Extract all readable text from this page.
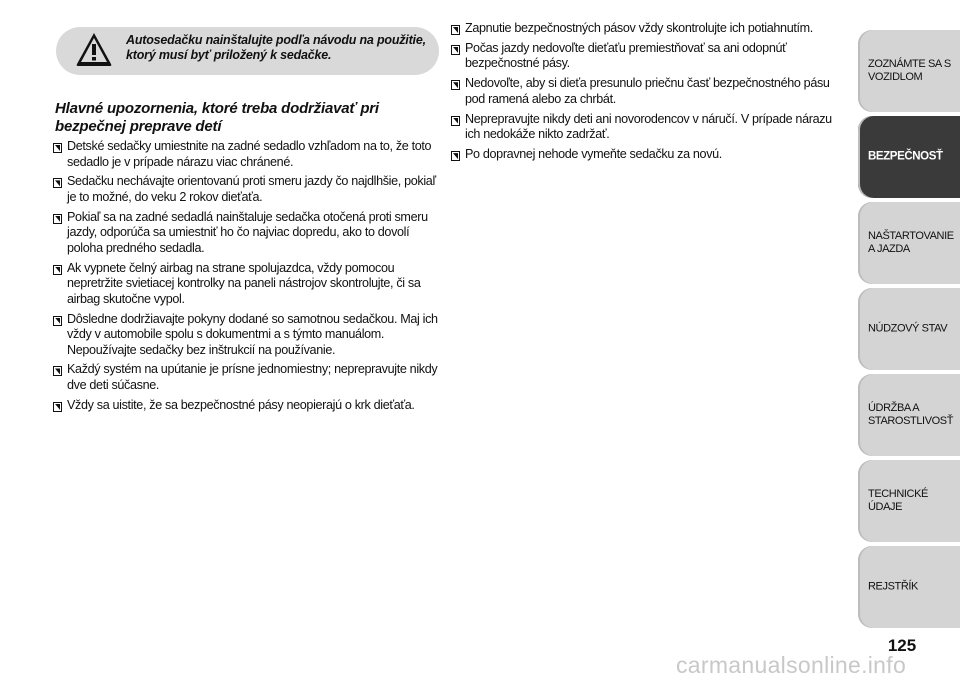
Autosedačku nainštalujte podľa návodu na použitie,
ktorý musí byť priložený k sedačke.
Hlavné upozornenia, ktoré treba dodržiavať pri
bezpečnej preprave detí
Detské sedačky umiestnite na zadné sedadlo vzhľadom na to, že toto sedadlo je v prípade nárazu viac chránené.
Sedačku nechávajte orientovanú proti smeru jazdy čo najdlhšie, pokiaľ je to možné, do veku 2 rokov dieťaťa.
Pokiaľ sa na zadné sedadlá nainštaluje sedačka otočená proti smeru jazdy, odporúča sa umiestniť ho čo najviac dopredu, ako to dovolí poloha predného sedadla.
Ak vypnete čelný airbag na strane spolujazdca, vždy pomocou nepretržite svietiacej kontrolky na paneli nástrojov skontrolujte, či sa airbag skutočne vypol.
Dôsledne dodržiavajte pokyny dodané so samotnou sedačkou. Maj ich vždy v automobile spolu s dokumentmi a s týmto manuálom. Nepoužívajte sedačky bez inštrukcií na používanie.
Každý systém na upútanie je prísne jednomiestny; neprepravujte nikdy dve deti súčasne.
Vždy sa uistite, že sa bezpečnostné pásy neopierajú o krk dieťaťa.
Zapnutie bezpečnostných pásov vždy skontrolujte ich potiahnutím.
Počas jazdy nedovoľte dieťaťu premiestňovať sa ani odopnúť bezpečnostné pásy.
Nedovoľte, aby si dieťa presunulo priečnu časť bezpečnostného pásu pod ramená alebo za chrbát.
Neprepravujte nikdy deti ani novorodencov v náručí. V prípade nárazu ich nedokáže nikto zadržať.
Po dopravnej nehode vymeňte sedačku za novú.
ZOZNÁMTE SA S VOZIDLOM
BEZPEČNOSŤ
NAŠTARTOVANIE A JAZDA
NÚDZOVÝ STAV
ÚDRŽBA A STAROSTLIVOSŤ
TECHNICKÉ ÚDAJE
REJSTŘÍK
125
carmanualsonline.info
